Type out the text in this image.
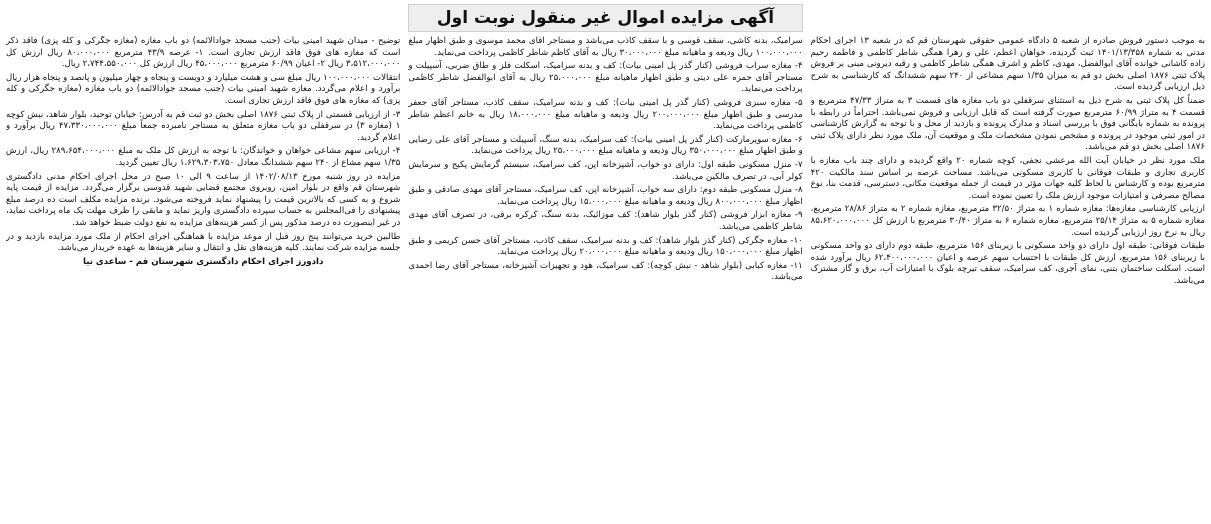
آگهی مزایده اموال غیر منقول نوبت اول

به موجب دستور فروش صادره از شعبه ۵ دادگاه عمومی حقوقی شهرستان قم که در شعبه ۱۳ اجرای احکام مدنی به شماره ۱۴۰۱/۱۳/۳۵۸ ثبت گردیده، خواهان اعظم، علی و زهرا همگی شاطر کاظمی و فاطمه رحیم زاده کاشانی خوانده آقای ابوالفضل، مهدی، کاظم و اشرف همگی شاطر کاظمی و رقیه دیرونی مبنی بر فروش پلاک ثبتی ۱۸۷۶ اصلی بخش دو قم به میزان ۱/۳۵ سهم مشاعی از ۲۴۰ سهم ششدانگ که کارشناسی به شرح ذیل ارزیابی گردیده است.

ضمناً کل پلاک ثبتی به شرح ذیل به استثنای سرقفلی دو باب مغازه های قسمت ۳ به متراژ ۴۷/۳۳ مترمربع و قسمت ۴ به متراژ ۶۰/۹۹ مترمربع صورت گرفته است که قابل ارزیابی و فروش نمی‌باشد. احتراماً در رابطه با پرونده به شماره بایگانی فوق با بررسی اسناد و مدارک پرونده و بازدید از محل و با توجه به گزارش کارشناسی در امور ثبتی موجود در پرونده و مشخص نمودن مشخصات ملک و موقعیت آن، ملک مورد نظر دارای پلاک ثبتی ۱۸۷۶ اصلی بخش دو قم می‌باشد.

ملک مورد نظر در خیابان آیت الله مرعشی نجفی، کوچه شماره ۲۰ واقع گردیده و دارای چند باب مغازه با کاربری تجاری و طبقات فوقانی با کاربری مسکونی می‌باشد. مساحت عرصه بر اساس سند مالکیت ۴۲۰ مترمربع بوده و کارشناس با لحاظ کلیه جهات مؤثر در قیمت از جمله موقعیت مکانی، دسترسی، قدمت بنا، نوع مصالح مصرفی و امتیازات موجود ارزش ملک را تعیین نموده است.

ارزیابی کارشناسی مغازه‌ها: مغازه شماره ۱ به متراژ ۳۲/۵۰ مترمربع، مغازه شماره ۲ به متراژ ۲۸/۸۶ مترمربع، مغازه شماره ۵ به متراژ ۲۵/۱۴ مترمربع، مغازه شماره ۶ به متراژ ۳۰/۴۰ مترمربع با ارزش کل ۸۵،۶۲۰،۰۰۰،۰۰۰ ریال به نرخ روز ارزیابی گردیده است.

طبقات فوقانی: طبقه اول دارای دو واحد مسکونی با زیربنای ۱۵۶ مترمربع، طبقه دوم دارای دو واحد مسکونی با زیربنای ۱۵۶ مترمربع، ارزش کل طبقات با احتساب سهم عرصه و اعیان ۶۲،۴۰۰،۰۰۰،۰۰۰ ریال برآورد شده است. اسکلت ساختمان بتنی، نمای آجری، کف سرامیک، سقف تیرچه بلوک با امتیازات آب، برق و گاز مشترک می‌باشد.

سرامیک، بدنه کاشی، سقف قوسی و با سقف کاذب می‌باشد و مستاجر آقای محمد موسوی و طبق اظهار مبلغ ۱۰۰،۰۰۰،۰۰۰ ریال ودیعه و ماهیانه مبلغ ۳۰،۰۰۰،۰۰۰ ریال به آقای کاظم شاطر کاظمی پرداخت می‌نماید.

۴- مغازه سراب فروشی (کنار گذر پل امینی بیات): کف و بدنه سرامیک، اسکلت فلز و طاق ضربی، آسپیلت و مستاجر آقای حمزه علی دینی و طبق اظهار ماهیانه مبلغ ۲۵،۰۰۰،۰۰۰ ریال به آقای ابوالفضل شاطر کاظمی پرداخت می‌نماید.

۵- مغازه سبزی فروشی (کنار گذر پل امینی بیات): کف و بدنه سرامیک، سقف کاذب، مستاجر آقای جعفر مدرسی و طبق اظهار مبلغ ۲۰۰،۰۰۰،۰۰۰ ریال ودیعه و ماهیانه مبلغ ۱۸،۰۰۰،۰۰۰ ریال به خانم اعظم شاطر کاظمی پرداخت می‌نماید.

۶- مغازه سوپرمارکت (کنار گذر پل امینی بیات): کف سرامیک، بدنه سنگ، آسپیلت و مستاجر آقای علی رضایی و طبق اظهار مبلغ ۳۵۰،۰۰۰،۰۰۰ ریال ودیعه و ماهیانه مبلغ ۲۵،۰۰۰،۰۰۰ ریال پرداخت می‌نماید.

۷- منزل مسکونی طبقه اول: دارای دو خواب، آشپزخانه اپن، کف سرامیک، سیستم گرمایش پکیج و سرمایش کولر آبی، در تصرف مالکین می‌باشد.

۸- منزل مسکونی طبقه دوم: دارای سه خواب، آشپزخانه اپن، کف سرامیک، مستاجر آقای مهدی صادقی و طبق اظهار مبلغ ۸۰۰،۰۰۰،۰۰۰ ریال ودیعه و ماهیانه مبلغ ۱۵،۰۰۰،۰۰۰ ریال پرداخت می‌نماید.

۹- مغازه ابزار فروشی (کنار گذر بلوار شاهد): کف موزائیک، بدنه سنگ، کرکره برقی، در تصرف آقای مهدی شاطر کاظمی می‌باشد.

۱۰- مغازه جگرکی (کنار گذر بلوار شاهد): کف و بدنه سرامیک، سقف کاذب، مستاجر آقای حسن کریمی و طبق اظهار مبلغ ۱۵۰،۰۰۰،۰۰۰ ریال ودیعه و ماهیانه مبلغ ۲۰،۰۰۰،۰۰۰ ریال پرداخت می‌نماید.

۱۱- مغازه کبابی (بلوار شاهد - نبش کوچه): کف سرامیک، هود و تجهیزات آشپزخانه، مستاجر آقای رضا احمدی می‌باشد.

توضیح - میدان شهید امینی بیات (جنب مسجد جوادالائمه) دو باب مغازه (مغازه جگرکی و کله پزی) فاقد ذکر است که مغازه های فوق فاقد ارزش تجاری است. ۱- عرصه ۴۳/۹ مترمربع ۸۰،۰۰۰،۰۰۰ ریال ارزش کل ۳،۵۱۲،۰۰۰،۰۰۰ ریال ۲- اعیان ۶۰/۹۹ مترمربع ۴۵،۰۰۰،۰۰۰ ریال ارزش کل ۲،۷۴۴،۵۵۰،۰۰۰ ریال.

انتقالات ۱۰۰،۰۰۰،۰۰۰ ریال مبلغ سی و هشت میلیارد و دویست و پنجاه و چهار میلیون و پانصد و پنجاه هزار ریال برآورد و اعلام می‌گردد. مغازه شهید امینی بیات (جنب مسجد جوادالائمه) دو باب مغازه (مغازه جگرکی و کله پزی) که مغازه های فوق فاقد ارزش تجاری است.

۳- از ارزیابی قسمتی از پلاک ثبتی ۱۸۷۶ اصلی بخش دو ثبت قم به آدرس: خیابان توحید، بلوار شاهد، نبش کوچه ۱ (مغازه ۳) در سرقفلی دو باب مغازه متعلق به مستاجر نامبرده جمعاً مبلغ ۴۷،۳۳۰،۰۰۰،۰۰۰ ریال برآورد و اعلام گردید.

۴- ارزیابی سهم مشاعی خواهان و خواندگان: با توجه به ارزش کل ملک به مبلغ ۲۸۹،۶۵۴،۰۰۰،۰۰۰ ریال، ارزش ۱/۳۵ سهم مشاع از ۲۴۰ سهم ششدانگ معادل ۱،۶۲۹،۳۰۳،۷۵۰ ریال تعیین گردید.

مزایده در روز شنبه مورخ ۱۴۰۲/۰۸/۱۳ از ساعت ۹ الی ۱۰ صبح در محل اجرای احکام مدنی دادگستری شهرستان قم واقع در بلوار امین، روبروی مجتمع قضایی شهید قدوسی برگزار می‌گردد. مزایده از قیمت پایه شروع و به کسی که بالاترین قیمت را پیشنهاد نماید فروخته می‌شود. برنده مزایده مکلف است ده درصد مبلغ پیشنهادی را فی‌المجلس به حساب سپرده دادگستری واریز نماید و مابقی را ظرف مهلت یک ماه پرداخت نماید، در غیر اینصورت ده درصد مذکور پس از کسر هزینه‌های مزایده به نفع دولت ضبط خواهد شد.

طالبین خرید می‌توانند پنج روز قبل از موعد مزایده با هماهنگی اجرای احکام از ملک مورد مزایده بازدید و در جلسه مزایده شرکت نمایند. کلیه هزینه‌های نقل و انتقال و سایر هزینه‌ها به عهده خریدار می‌باشد.

دادورز اجرای احکام دادگستری شهرستان قم - ساعدی نیا
